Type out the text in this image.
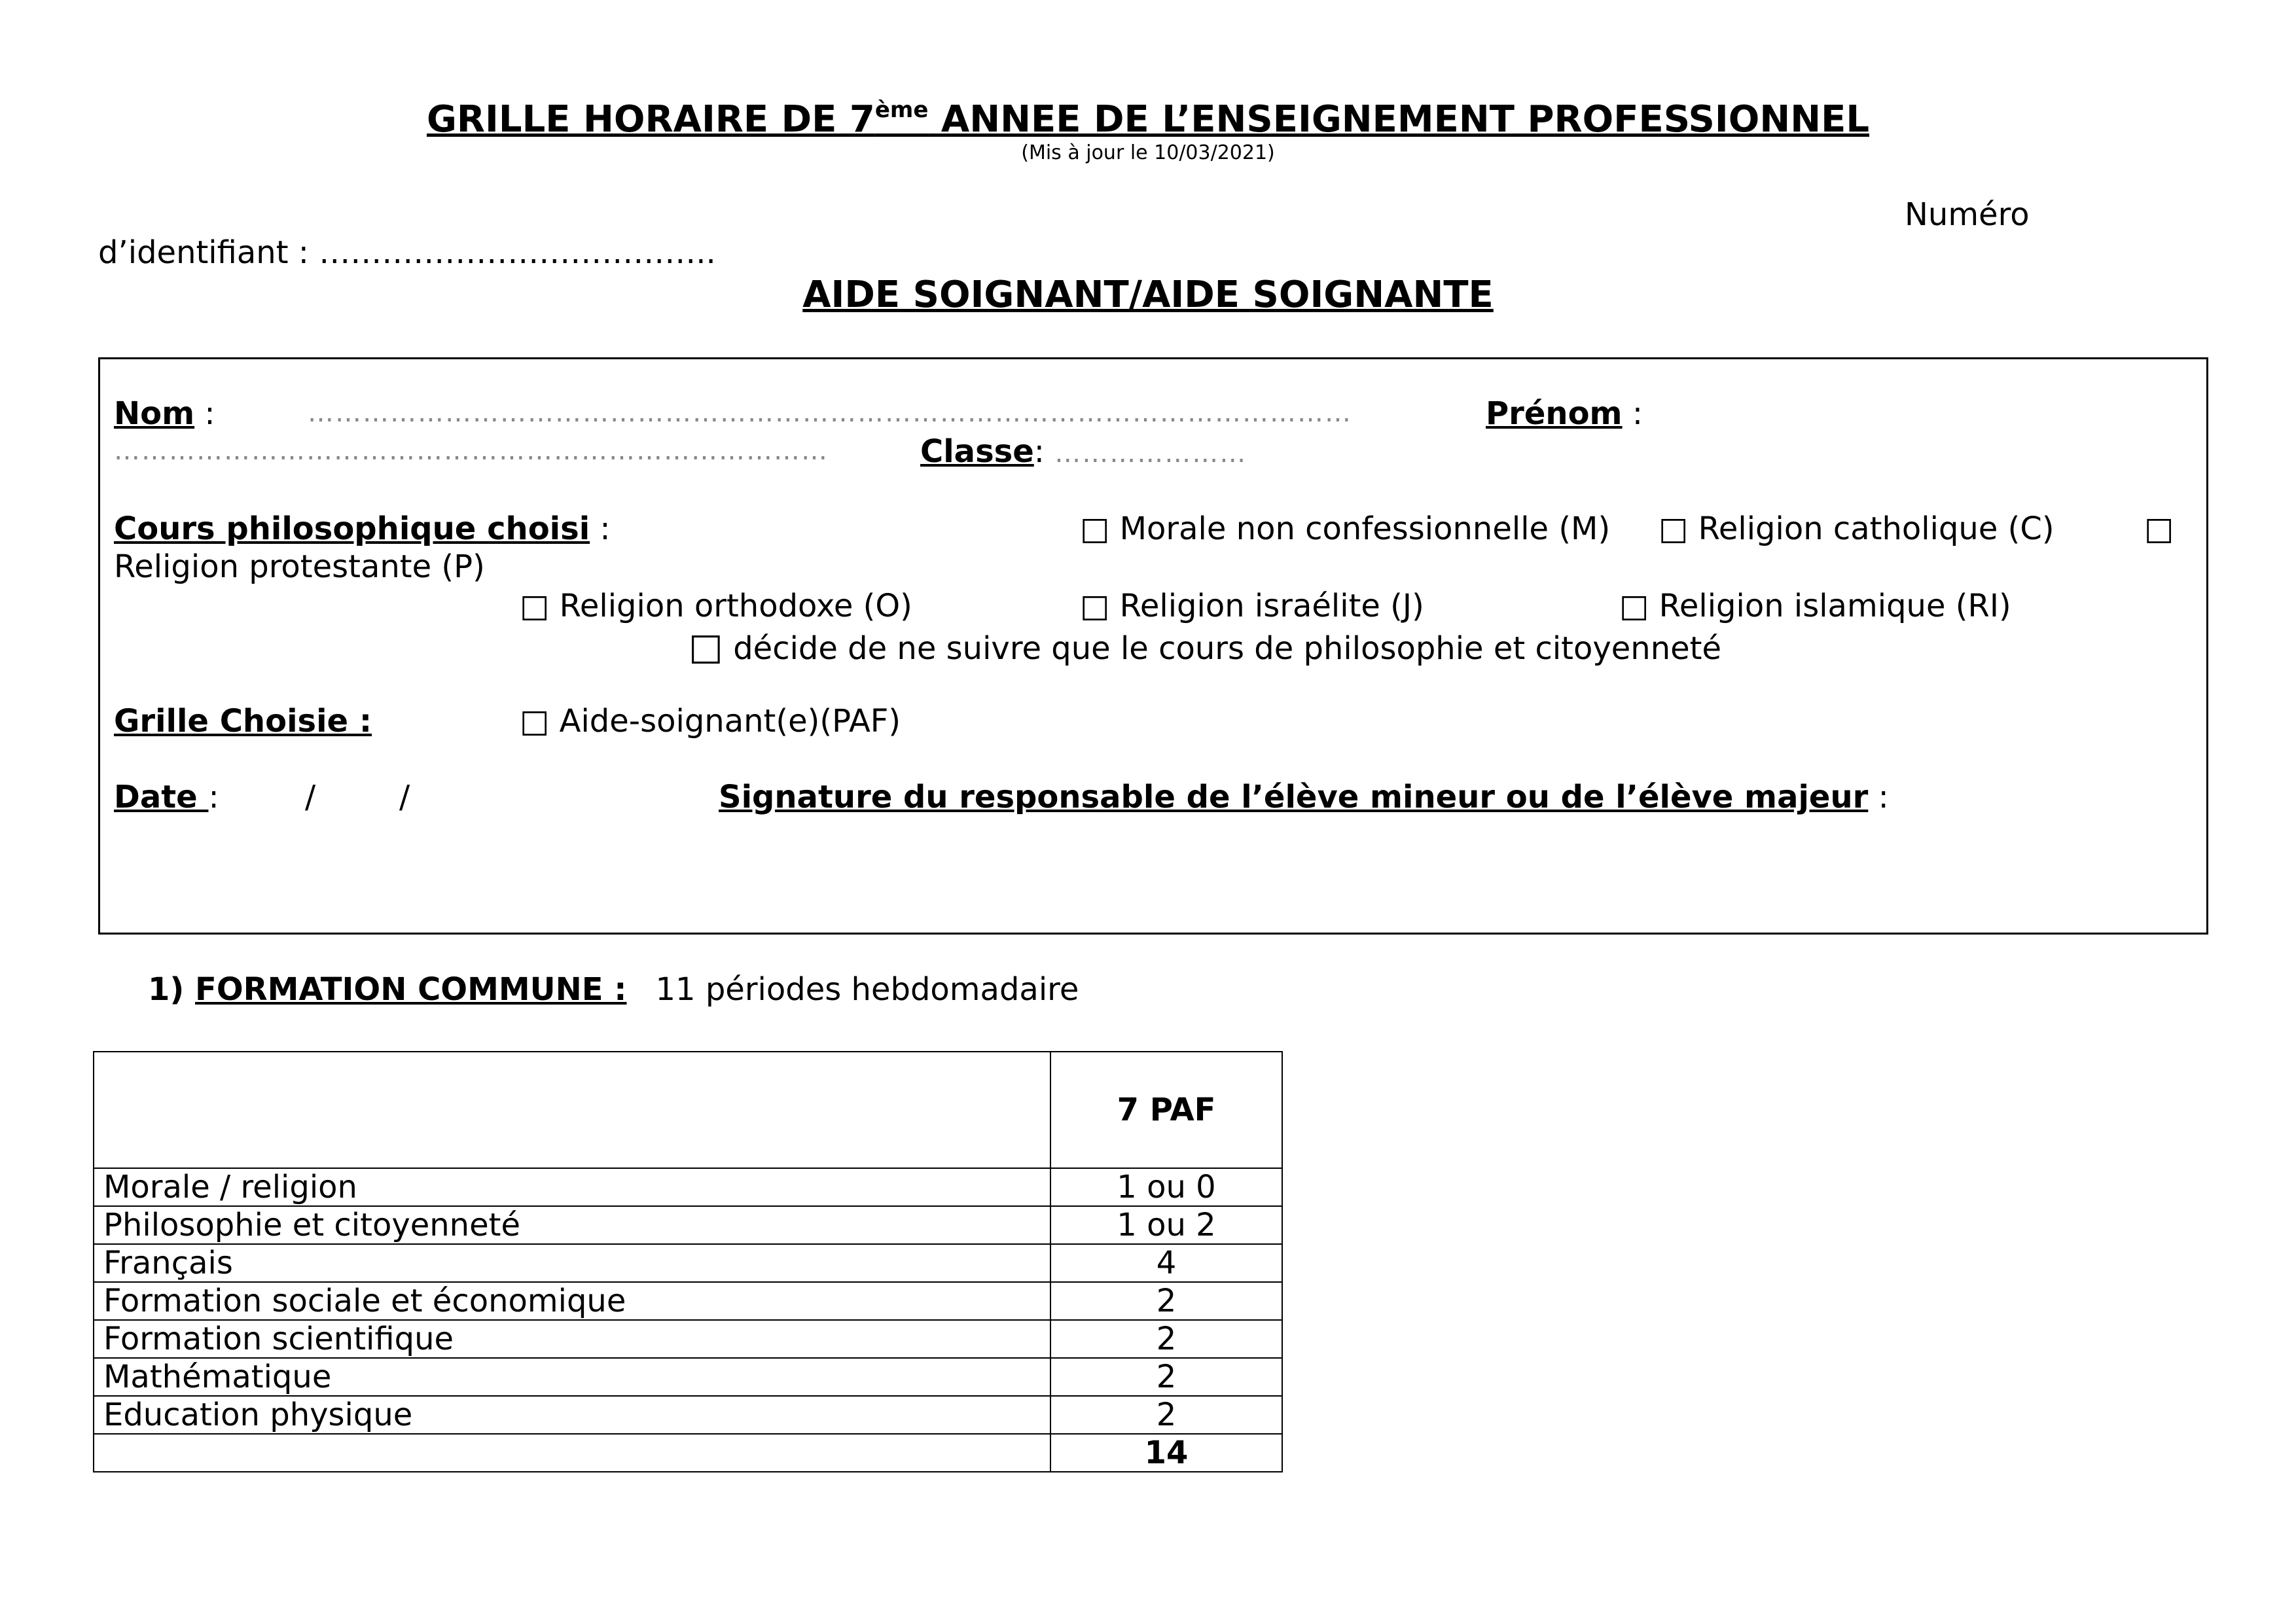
GRILLE HORAIRE DE 7ème ANNEE DE L’ENSEIGNEMENT PROFESSIONNEL
(Mis à jour le 10/03/2021)
Numéro
d’identifiant : ………………………………..
AIDE SOIGNANT/AIDE SOIGNANTE
Nom :	……………………………………………………………………………………………………	Prénom :
……………………………………………………………………	Classe: …………………
Cours philosophique choisi :	□ Morale non confessionnelle (M) □ Religion catholique (C)	□
Religion protestante (P)
□ Religion orthodoxe (O)	□ Religion israélite (J)	□ Religion islamique (RI)
□ décide de ne suivre que le cours de philosophie et citoyenneté
Grille Choisie :	□ Aide-soignant(e)(PAF)
Date :	/	/	Signature du responsable de l’élève mineur ou de l’élève majeur :
1) FORMATION COMMUNE : 11 périodes hebdomadaire
	7 PAF
Morale / religion	1 ou 0
Philosophie et citoyenneté	1 ou 2
Français	4
Formation sociale et économique	2
Formation scientifique	2
Mathématique	2
Education physique	2
	14
